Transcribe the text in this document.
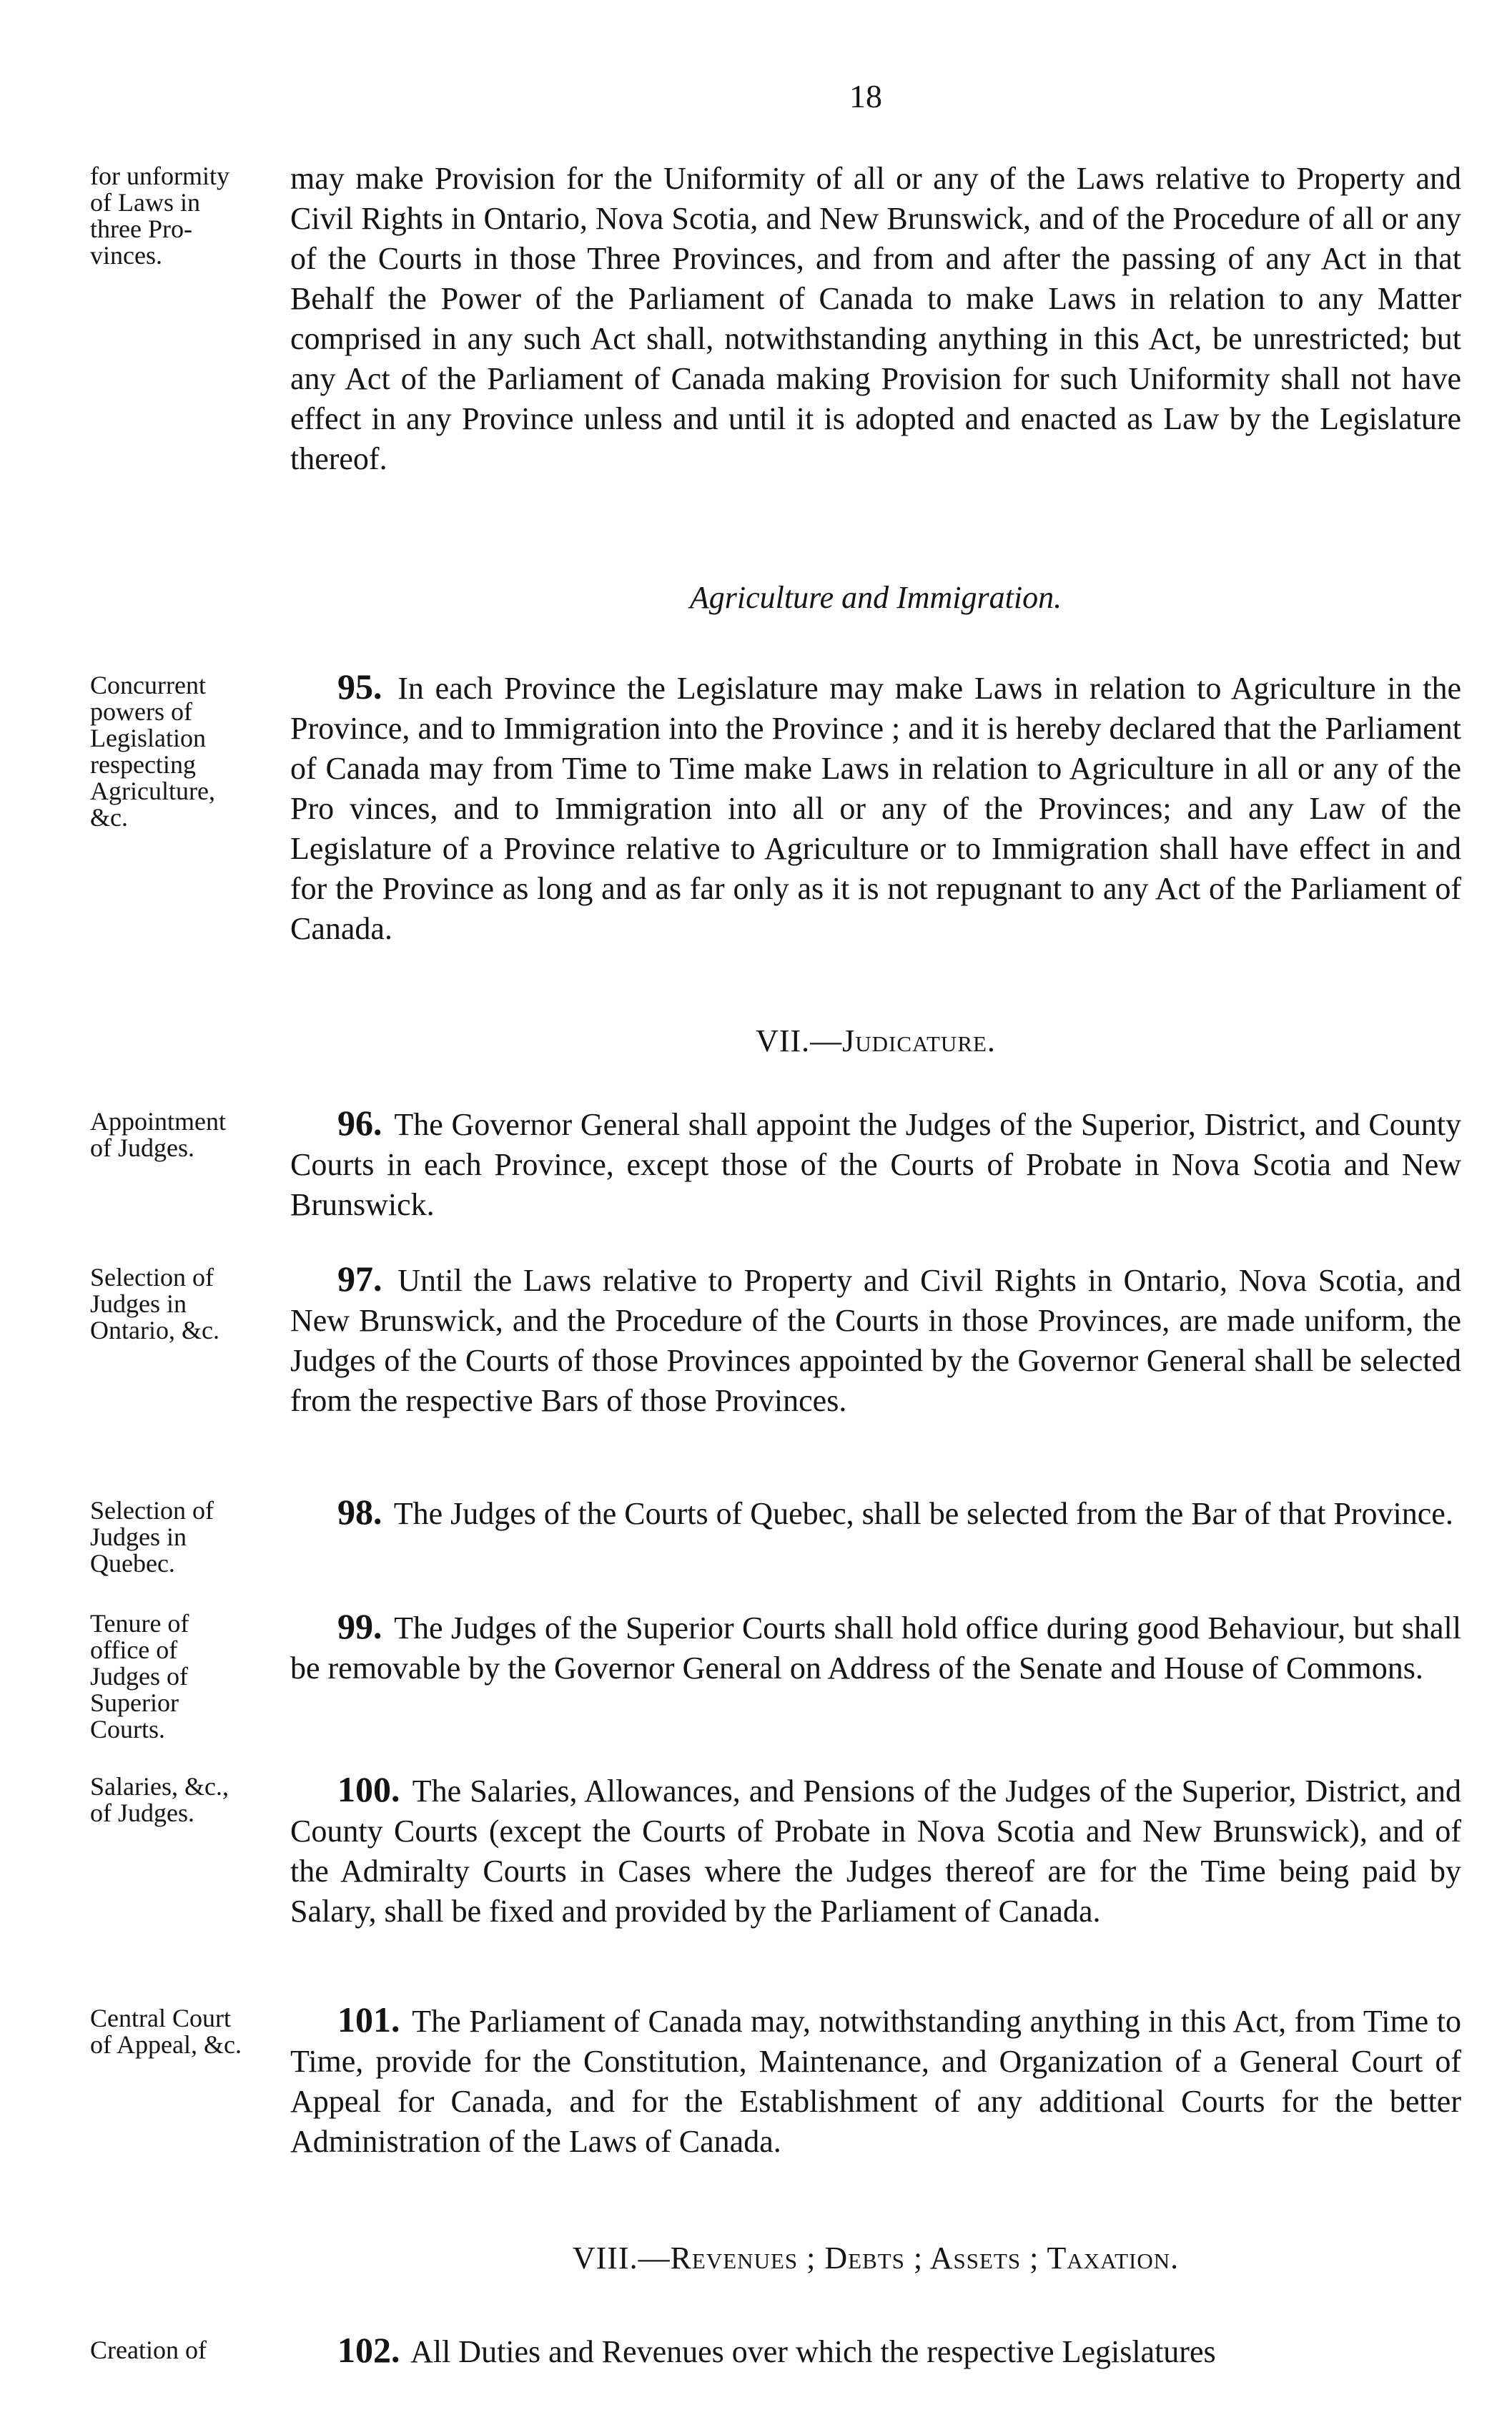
18
for unformity
of Laws in
three Pro-
vinces.
may make Provision for the Uniformity of all or any of the Laws relative to Property and Civil Rights in Ontario, Nova Scotia, and New Brunswick, and of the Procedure of all or any of the Courts in those Three Provinces, and from and after the passing of any Act in that Behalf the Power of the Parliament of Canada to make Laws in relation to any Matter comprised in any such Act shall, notwithstanding anything in this Act, be unrestricted; but any Act of the Parliament of Canada making Provision for such Uniformity shall not have effect in any Province unless and until it is adopted and enacted as Law by the Legislature thereof.
Agriculture and Immigration.
Concurrent
powers of
Legislation
respecting
Agriculture,
&c.
95. In each Province the Legislature may make Laws in relation to Agriculture in the Province, and to Immigration into the Province ; and it is hereby declared that the Parliament of Canada may from Time to Time make Laws in relation to Agriculture in all or any of the Pro vinces, and to Immigration into all or any of the Provinces; and any Law of the Legislature of a Province relative to Agriculture or to Immigration shall have effect in and for the Province as long and as far only as it is not repugnant to any Act of the Parliament of Canada.
VII.—Judicature.
Appointment
of Judges.
96. The Governor General shall appoint the Judges of the Superior, District, and County Courts in each Province, except those of the Courts of Probate in Nova Scotia and New Brunswick.
Selection of
Judges in
Ontario, &c.
97. Until the Laws relative to Property and Civil Rights in Ontario, Nova Scotia, and New Brunswick, and the Procedure of the Courts in those Provinces, are made uniform, the Judges of the Courts of those Provinces appointed by the Governor General shall be selected from the respective Bars of those Provinces.
Selection of
Judges in
Quebec.
98. The Judges of the Courts of Quebec, shall be selected from the Bar of that Province.
Tenure of
office of
Judges of
Superior
Courts.
99. The Judges of the Superior Courts shall hold office during good Behaviour, but shall be removable by the Governor General on Address of the Senate and House of Commons.
Salaries, &c.,
of Judges.
100. The Salaries, Allowances, and Pensions of the Judges of the Superior, District, and County Courts (except the Courts of Probate in Nova Scotia and New Brunswick), and of the Admiralty Courts in Cases where the Judges thereof are for the Time being paid by Salary, shall be fixed and provided by the Parliament of Canada.
Central Court
of Appeal, &c.
101. The Parliament of Canada may, notwithstanding anything in this Act, from Time to Time, provide for the Constitution, Maintenance, and Organization of a General Court of Appeal for Canada, and for the Establishment of any additional Courts for the better Administration of the Laws of Canada.
VIII.—Revenues ; Debts ; Assets ; Taxation.
Creation of	102. All Duties and Revenues over which the respective Legislatures
